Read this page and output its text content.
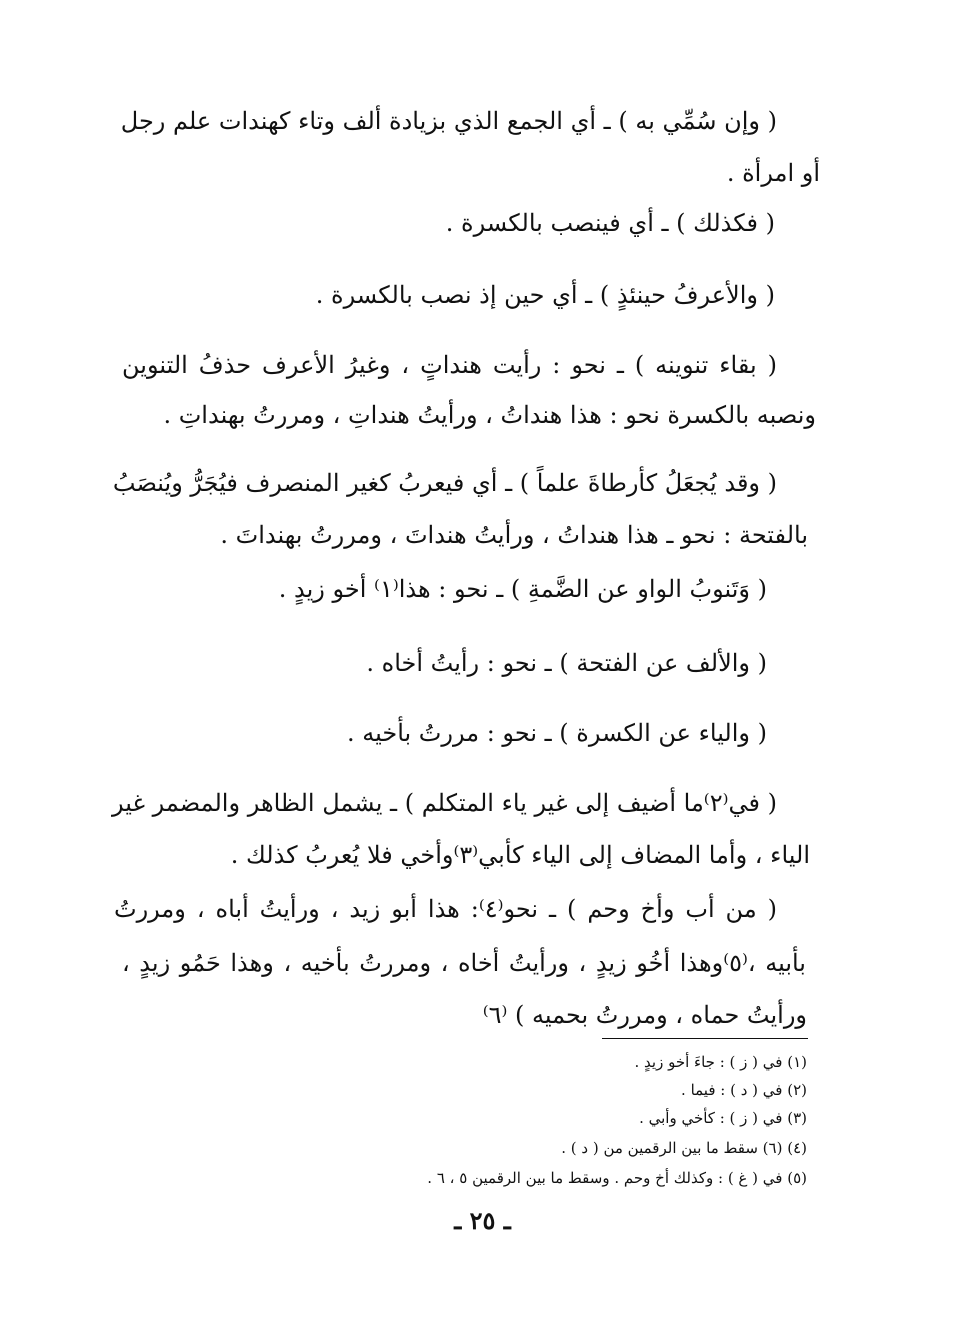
( وإن سُمِّي به ) ـ أي الجمع الذي بزيادة ألف وتاء كهندات علم رجل

أو امرأة .

( فكذلك ) ـ أي فينصب بالكسرة .

( والأعرفُ حينئذٍ ) ـ أي حين إذ نصب بالكسرة .

( بقاء تنوينه ) ـ نحو : رأيت هنداتٍ ، وغيرُ الأعرف حذفُ التنوين

ونصبه بالكسرة نحو : هذا هنداتُ ، ورأيتُ هنداتِ ، ومررتُ بهنداتِ .

( وقد يُجعَلُ كأرطاةَ علماً ) ـ أي فيعربُ كغير المنصرف فيُجَرُّ ويُنصَبُ

بالفتحة : نحو ـ هذا هنداتُ ، ورأيتُ هنداتَ ، ومررتُ بهنداتَ .

( وَتَنوبُ الواو عن الضَّمةِ ) ـ نحو : هذا⁽١⁾ أخو زيدٍ .

( والألف عن الفتحة ) ـ نحو : رأيتُ أخاه .

( والياء عن الكسرة ) ـ نحو : مررتُ بأخيه .

( في⁽٢⁾ما أضيف إلى غير ياء المتكلم ) ـ يشمل الظاهر والمضمر غير

الياء ، وأما المضاف إلى الياء كأبي⁽٣⁾وأخي فلا يُعربُ كذلك .

( من أب وأخ وحم ) ـ نحو⁽٤⁾: هذا أبو زيد ، ورأيتُ أباه ، ومررتُ

بأبيه ،⁽٥⁾وهذا أخُو زيدٍ ، ورأيتُ أخاه ، ومررتُ بأخيه ، وهذا حَمُو زيدٍ ،

ورأيتُ حماه ، ومررتُ بحميه ) ⁽٦⁾

(١) في ( ز ) : جاءَ أخو زيدٍ .

(٢) في ( د ) : فيما .

(٣) في ( ز ) : كأخي وأبي .

(٤) (٦) سقط ما بين الرقمين من ( د ) .

(٥) في ( غ ) : وكذلك أخ وحم . وسقط ما بين الرقمين ٥ ، ٦ .

ـ ٢٥ ـ
